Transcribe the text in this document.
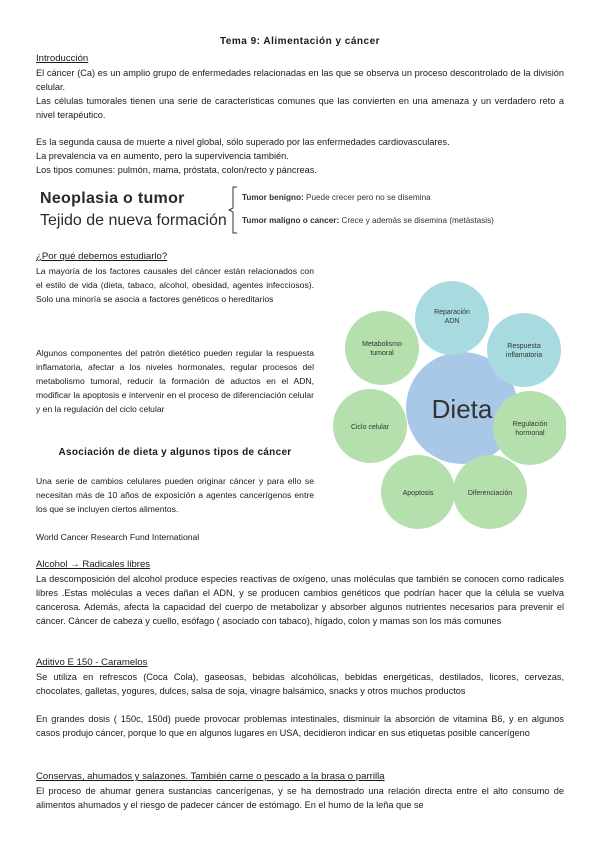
Tema 9: Alimentación y cáncer

Introducción

El cáncer (Ca) es un amplio grupo de enfermedades relacionadas en las que se observa un proceso descontrolado de la división celular.

Las células tumorales tienen una serie de características comunes que las convierten en una amenaza y un verdadero reto a nivel terapéutico.

Es la segunda causa de muerte a nivel global, sólo superado por las enfermedades cardiovasculares.

La prevalencia va en aumento, pero la supervivencia también.

Los tipos comunes: pulmón, mama, próstata, colon/recto y páncreas.

Neoplasia o tumor
Tejido de nueva formación
Tumor benigno: Puede crecer pero no se disemina
Tumor maligno o cancer: Crece y además se disemina (metástasis)

¿Por qué debemos estudiarlo?

La mayoría de los factores causales del cáncer están relacionados con el estilo de vida (dieta, tabaco, alcohol, obesidad, agentes infecciosos). Solo una minoría se asocia a factores genéticos o hereditarios

Algunos componentes del patrón dietético pueden regular la respuesta inflamatoria, afectar a los niveles hormonales, regular procesos del metabolismo tumoral, reducir la formación de aductos en el ADN, modificar la apoptosis e intervenir en el proceso de diferenciación celular y en la regulación del ciclo celular	Dieta
Reparación ADN
Respuesta inflamatoria
Regulación hormonal
Diferenciación
Apoptosis
Ciclo celular
Metabolismo tumoral
Asociación de dieta y algunos tipos de cáncer

Una serie de cambios celulares pueden originar cáncer y para ello se necesitan más de 10 años de exposición a agentes cancerígenos entre los que se incluyen ciertos alimentos.

World Cancer Research Fund International

Alcohol → Radicales libres

La descomposición del alcohol produce especies reactivas de oxígeno, unas moléculas que también se conocen como radicales libres .Estas moléculas a veces dañan el ADN, y se producen cambios genéticos que podrían hacer que la célula se vuelva cancerosa. Además, afecta la capacidad del cuerpo de metabolizar y absorber algunos nutrientes necesarios para prevenir el cáncer. Cáncer de cabeza y cuello, esófago ( asociado con tabaco), hígado, colon y mamas son los más comunes

Aditivo E 150 - Caramelos

Se utiliza en refrescos (Coca Cola), gaseosas, bebidas alcohólicas, bebidas energéticas, destilados, licores, cervezas, chocolates, galletas, yogures, dulces, salsa de soja, vinagre balsámico, snacks y otros muchos productos

En grandes dosis ( 150c, 150d) puede provocar problemas intestinales, disminuir la absorción de vitamina B6, y en algunos casos produjo cáncer, porque lo que en algunos lugares en USA, decidieron indicar en sus etiquetas posible cancerígeno

Conservas, ahumados y salazones. También carne o pescado a la brasa o parrilla

El proceso de ahumar genera sustancias cancerígenas, y se ha demostrado una relación directa entre el alto consumo de alimentos ahumados y el riesgo de padecer cáncer de estómago. En el humo de la leña que se
